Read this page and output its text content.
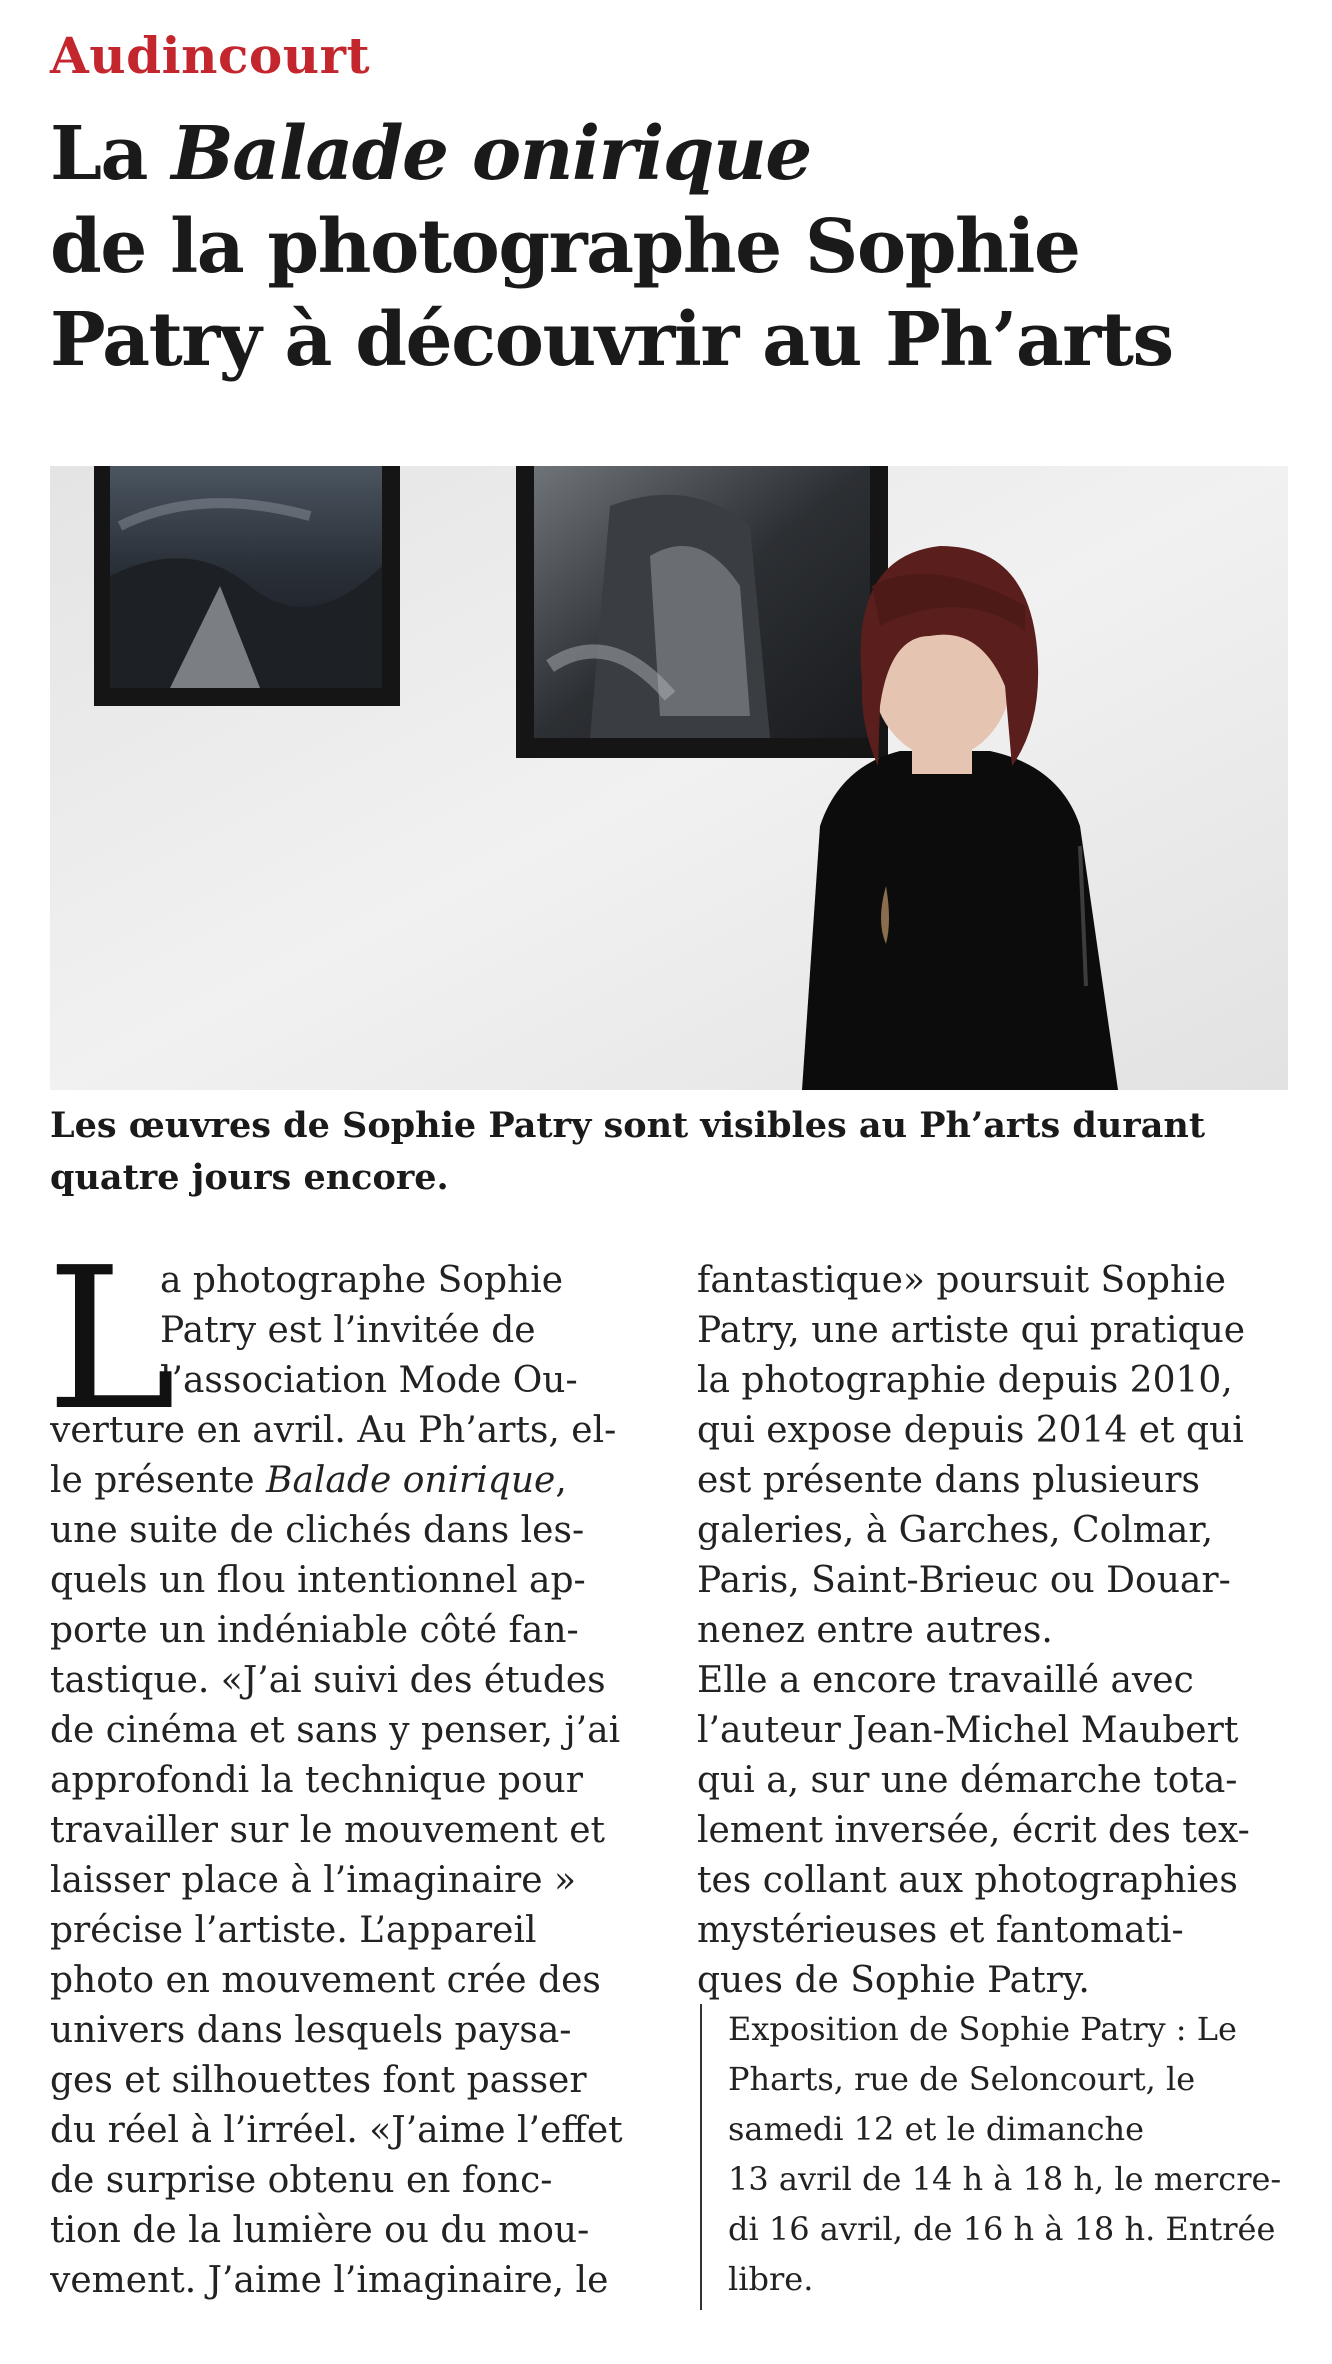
Audincourt
La Balade onirique
de la photographe Sophie
Patry à découvrir au Ph’arts

Les œuvres de Sophie Patry sont visibles au Ph’arts durant
quatre jours encore.

L
a photographe Sophie
Patry est l’invitée de
l’association Mode Ou-
verture en avril. Au Ph’arts, el-
le présente Balade onirique,
une suite de clichés dans les-
quels un flou intentionnel ap-
porte un indéniable côté fan-
tastique. «J’ai suivi des études
de cinéma et sans y penser, j’ai
approfondi la technique pour
travailler sur le mouvement et
laisser place à l’imaginaire »
précise l’artiste. L’appareil
photo en mouvement crée des
univers dans lesquels paysa-
ges et silhouettes font passer
du réel à l’irréel. «J’aime l’effet
de surprise obtenu en fonc-
tion de la lumière ou du mou-
vement. J’aime l’imaginaire, le
fantastique» poursuit Sophie
Patry, une artiste qui pratique
la photographie depuis 2010,
qui expose depuis 2014 et qui
est présente dans plusieurs
galeries, à Garches, Colmar,
Paris, Saint-Brieuc ou Douar-
nenez entre autres.
Elle a encore travaillé avec
l’auteur Jean-Michel Maubert
qui a, sur une démarche tota-
lement inversée, écrit des tex-
tes collant aux photographies
mystérieuses et fantomati-
ques de Sophie Patry.
Exposition de Sophie Patry : Le
Pharts, rue de Seloncourt, le
samedi 12 et le dimanche
13 avril de 14 h à 18 h, le mercre-
di 16 avril, de 16 h à 18 h. Entrée
libre.
